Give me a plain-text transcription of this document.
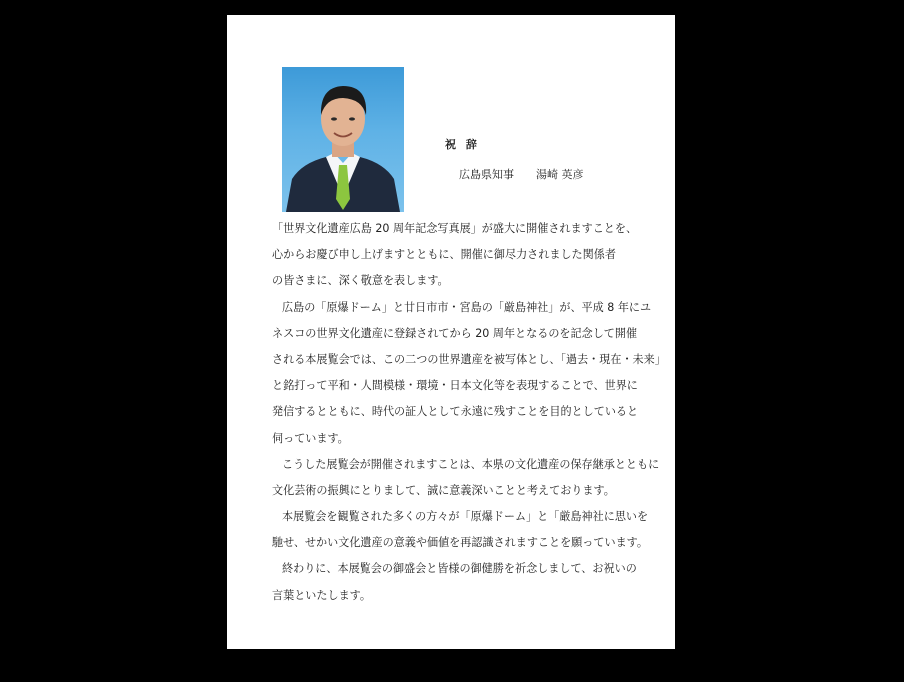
祝 辞
広島県知事 湯崎 英彦
「世界文化遺産広島 20 周年記念写真展」が盛大に開催されますことを、
心からお慶び申し上げますとともに、開催に御尽力されました関係者
の皆さまに、深く敬意を表します。
広島の「原爆ドーム」と廿日市市・宮島の「厳島神社」が、平成 8 年にユ
ネスコの世界文化遺産に登録されてから 20 周年となるのを記念して開催
される本展覧会では、この二つの世界遺産を被写体とし、「過去・現在・未来」
と銘打って平和・人間模様・環境・日本文化等を表現することで、世界に
発信するとともに、時代の証人として永遠に残すことを目的としていると
伺っています。
こうした展覧会が開催されますことは、本県の文化遺産の保存継承とともに
文化芸術の振興にとりまして、誠に意義深いことと考えております。
本展覧会を観覧された多くの方々が「原爆ドーム」と「厳島神社に思いを
馳せ、せかい文化遺産の意義や価値を再認識されますことを願っています。
終わりに、本展覧会の御盛会と皆様の御健勝を祈念しまして、お祝いの
言葉といたします。
